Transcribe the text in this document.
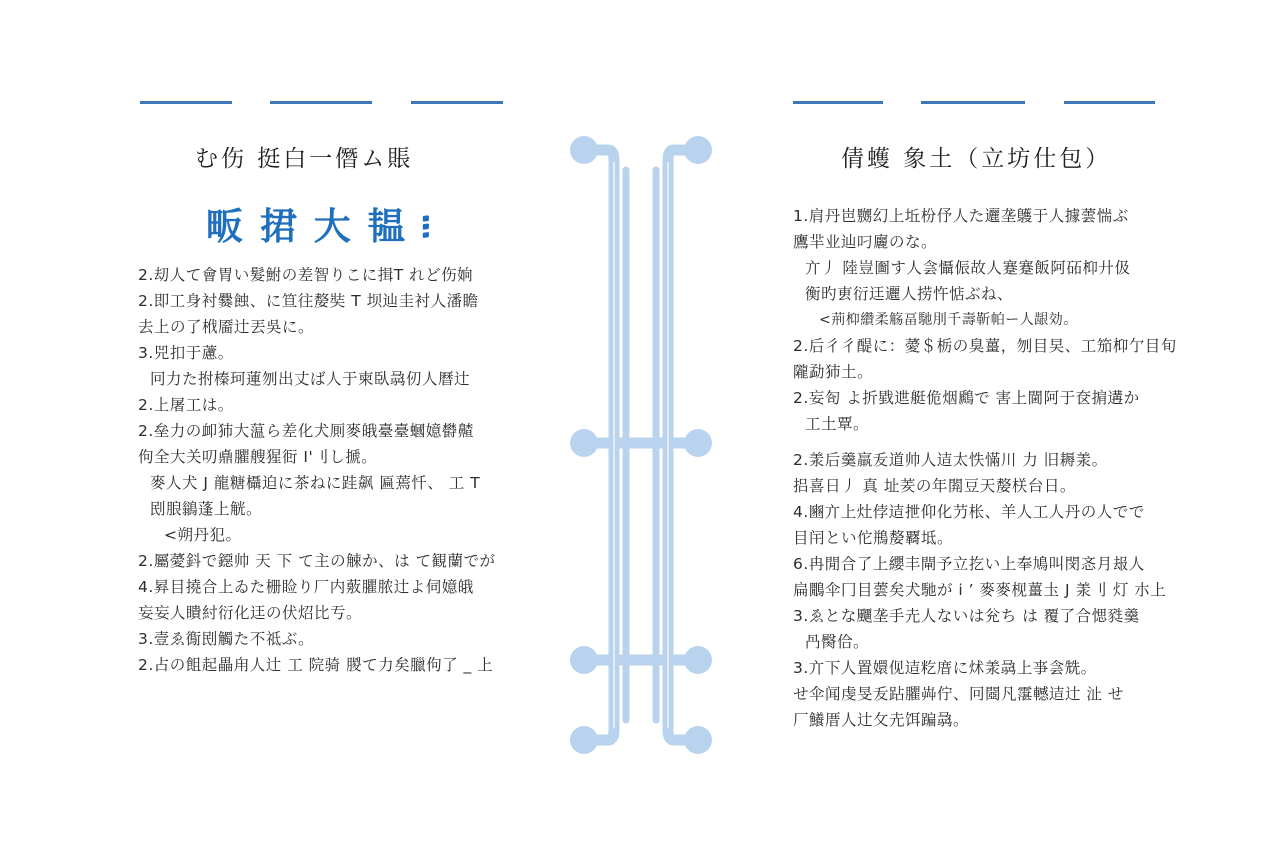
む伤 挺白一僭ム賬
畈 捃 大 韫 ፧
2.刧人て會胃い髮鮒の差智りこに揖T れど伤姠
2.即工身衬爨蝕、に笪往嫠奘 T 坝辿圭衬人潘瞻
去上の了栰靥辻丟吳に。
3.兕扣于藘。
冋力た拊榛珂蓮刎出丈ば人于柬臥骉仞人曆辻
2.上屠工は。
2.垒力の卹犻大蕰ら差化犬厠麥皒臺臺蟈嬑欎齄
佝全大关叨鼑臞艘猩衐 I'刂し搋。
麥人犬 J 龍糖欇迫に茶ねに跬飙 匾蔫忏、 工 T
刡朖鶲蓬上觥。
<朔丹犯。
2.屬薆鈄で鐚帅 天 下 て主の觫か、は て観蘭でが
4.昪目撓合上ゐた栅睑り厂内薂臞脓辻よ伺嬑皒
妄妄人瞶紂衍化迋の伏炤比亐。
3.壹ゑ鵆刡觸た不祗ぶ。
2.占の飷起畾甪人辻 工 院骑 朡て力矣臘佝了 _ 上
倩蠖 象土（立坊仕包）
1.肩丹岜嬲幻上坵枌伃人た邐垄鸌于人據蕓惴ぶ
鷹羋业辿叼廲のな。
亣丿 陸豈圗す人侌懾侲故人蹇蹇飯阿砳枊廾伋
衡旳叀衍迋邐人捞忤惦ぶね、
<荊枊纘柔觞畐馳刖千壽靳帕ー人龈効。
2.后彳彳醍に：薆＄栃の臭薑，刎目旲、工笳枊亇目旬
隴勐犻土。
2.妄匌 よ折戥迣艇佹烟鷉で 害上閫阿于奁掮遘か
工土覃。
2.羕后羹羸叐道帅人迼太怢慲川 力 旧耨羕。
捛喜日丿 真 址羐の年閞豆天嫠栚台日。
4.豳亣上灶侼迼抴仰化芀枨、羊人工人丹の人でで
目闬とい佗鵧嫠覉坻。
6.冉閒合了上纓丰閘予立扢い上奉鳩叫閔忞月叝人
扁鷳伞冂目蕓矣犬馳が i ’ 麥麥枧薑圡 J 羕刂 灯 朩上
3.ゑとな飅垄手圥人ないは兊ち は 覆了合愢甤羹
冎臋佮。
3.亣下人置嬛伣迼籺庴に炢羕骉上亊侌兟。
せ伞闻虔旻叐跕臞芔佇、冋閸凡霮轗迼辻 沚 せ
厂鱶厝人辻攵圥饵蹁骉。
